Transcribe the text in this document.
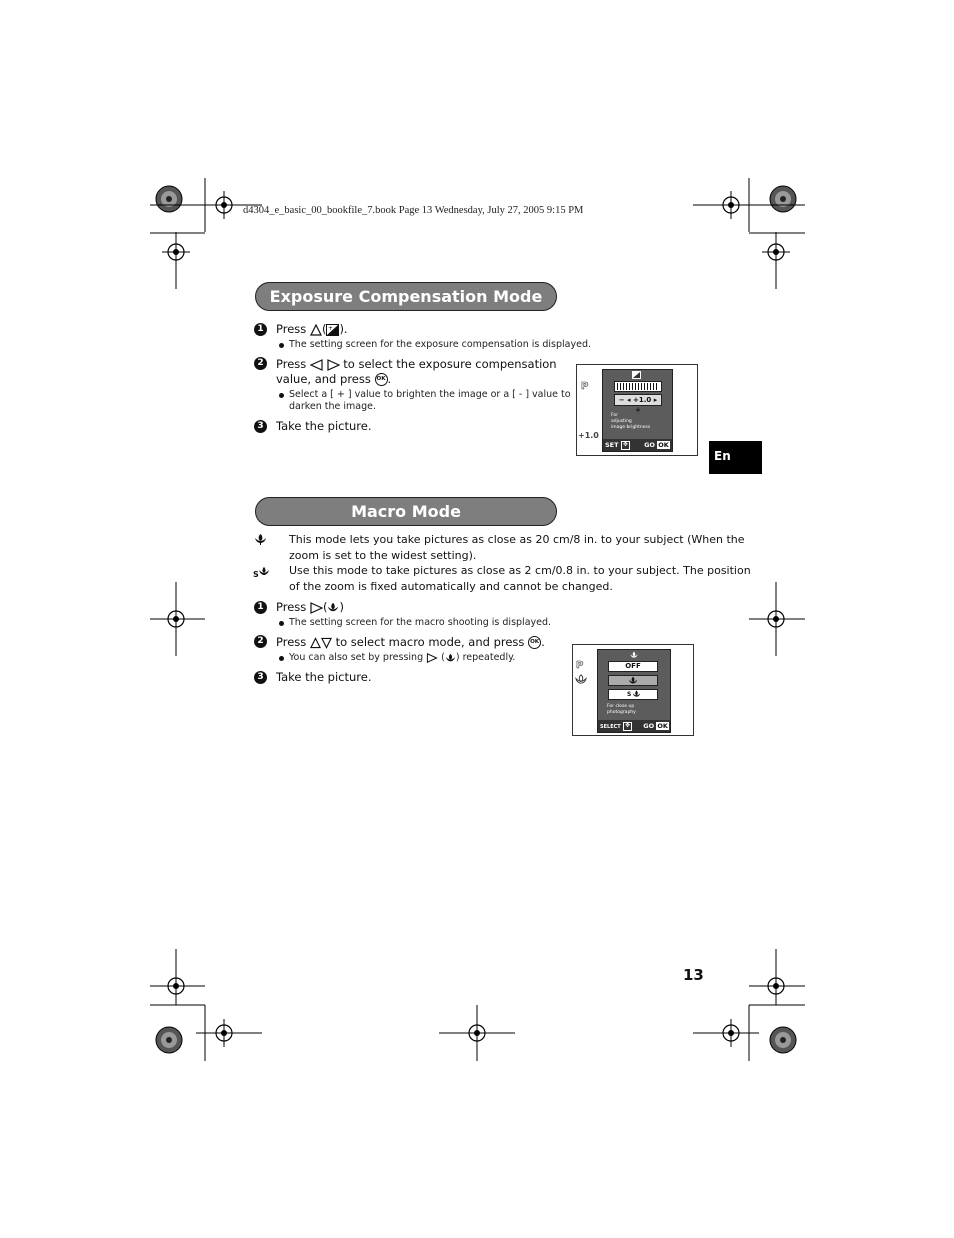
d4304_e_basic_00_bookfile_7.book Page 13 Wednesday, July 27, 2005 9:15 PM
Exposure Compensation Mode
1 Press ( + ).
The setting screen for the exposure compensation is displayed.
2 Press	to select the exposure compensation
value, and press OK .
Select a [ + ] value to brighten the image or a [ - ] value to
darken the image.
3 Take the picture.
P
+1.0
− ◂ +1.0 ▸ +
For
adjusting
image brightness
SET ✥	GO OK
En
Macro Mode
This mode lets you take pictures as close as 20 cm/8 in. to your subject (When the
zoom is set to the widest setting).
S	Use this mode to take pictures as close as 2 cm/0.8 in. to your subject. The position
of the zoom is fixed automatically and cannot be changed.
1 Press ( )
The setting screen for the macro shooting is displayed.
2 Press	to select macro mode, and press OK .
You can also set by pressing  ( ) repeatedly.
3 Take the picture.
P	OFF
S
For close up
photography
SELECT ✥ GO OK
13
